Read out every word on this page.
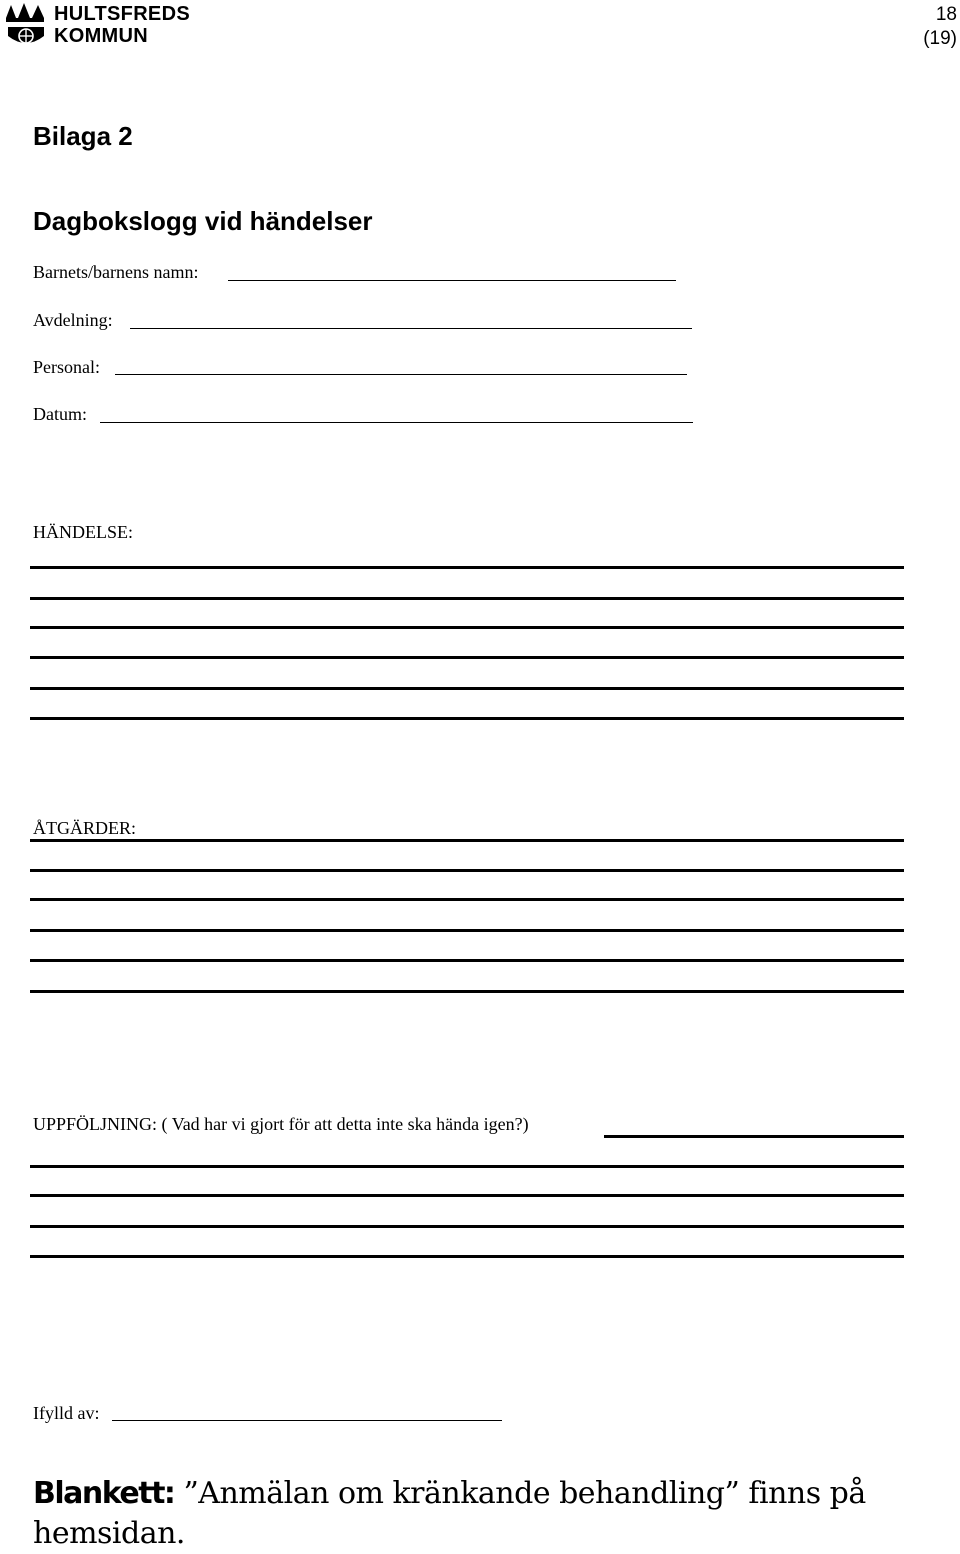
HULTSFREDS
KOMMUN
18
(19)
Bilaga 2
Dagbokslogg vid händelser
Barnets/barnens namn:
Avdelning:
Personal:
Datum:
HÄNDELSE:
ÅTGÄRDER:
UPPFÖLJNING: ( Vad har vi gjort för att detta inte ska hända igen?)
Ifylld av:
Blankett: ”Anmälan om kränkande behandling” finns på hemsidan.
